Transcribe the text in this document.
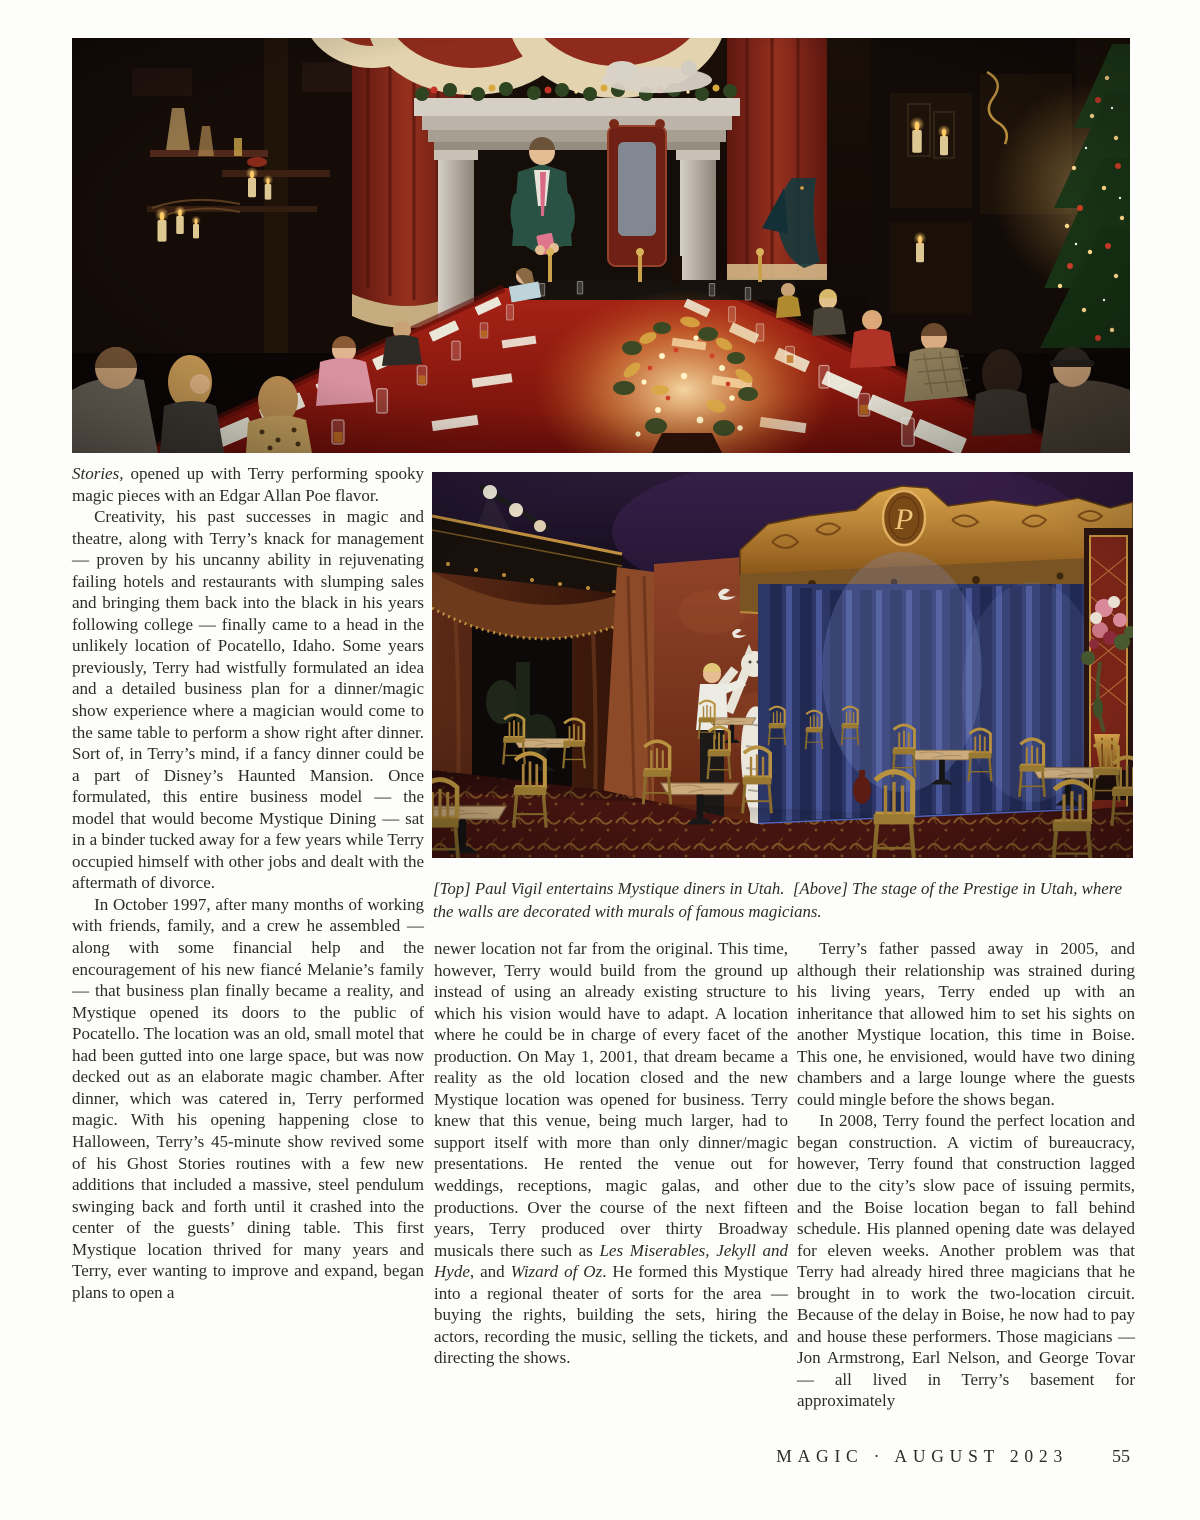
[Top] Paul Vigil entertains Mystique diners in Utah.  [Above] The stage of the Prestige in Utah, where the walls are decorated with murals of famous magicians.

Stories, opened up with Terry performing spooky magic pieces with an Edgar Allan Poe flavor.

Creativity, his past successes in magic and theatre, along with Terry’s knack for management — proven by his uncanny ability in rejuvenating failing hotels and restaurants with slumping sales and bringing them back into the black in his years following college — finally came to a head in the unlikely location of Pocatello, Idaho. Some years previously, Terry had wistfully formulated an idea and a detailed business plan for a dinner/magic show experience where a magician would come to the same table to perform a show right after dinner. Sort of, in Terry’s mind, if a fancy dinner could be a part of Disney’s Haunted Mansion. Once formulated, this entire business model — the model that would become Mystique Dining — sat in a binder tucked away for a few years while Terry occupied himself with other jobs and dealt with the aftermath of divorce.

In October 1997, after many months of working with friends, family, and a crew he assembled — along with some financial help and the encouragement of his new fiancé Melanie’s family — that business plan finally became a reality, and Mystique opened its doors to the public of Pocatello. The location was an old, small motel that had been gutted into one large space, but was now decked out as an elaborate magic chamber. After dinner, which was catered in, Terry performed magic. With his opening happening close to Halloween, Terry’s 45-minute show revived some of his Ghost Stories routines with a few new additions that included a massive, steel pendulum swinging back and forth until it crashed into the center of the guests’ dining table. This first Mystique location thrived for many years and Terry, ever wanting to improve and expand, began plans to open a

newer location not far from the original. This time, however, Terry would build from the ground up instead of using an already existing structure to which his vision would have to adapt. A location where he could be in charge of every facet of the production. On May 1, 2001, that dream became a reality as the old location closed and the new Mystique location was opened for business. Terry knew that this venue, being much larger, had to support itself with more than only dinner/magic presentations. He rented the venue out for weddings, receptions, magic galas, and other productions. Over the course of the next fifteen years, Terry produced over thirty Broadway musicals there such as Les Miserables, Jekyll and Hyde, and Wizard of Oz. He formed this Mystique into a regional theater of sorts for the area — buying the rights, building the sets, hiring the actors, recording the music, selling the tickets, and directing the shows.

Terry’s father passed away in 2005, and although their relationship was strained during his living years, Terry ended up with an inheritance that allowed him to set his sights on another Mystique location, this time in Boise. This one, he envisioned, would have two dining chambers and a large lounge where the guests could mingle before the shows began.

In 2008, Terry found the perfect location and began construction. A victim of bureaucracy, however, Terry found that construction lagged due to the city’s slow pace of issuing permits, and the Boise location began to fall behind schedule. His planned opening date was delayed for eleven weeks. Another problem was that Terry had already hired three magicians that he brought in to work the two-location circuit. Because of the delay in Boise, he now had to pay and house these performers. Those magicians — Jon Armstrong, Earl Nelson, and George Tovar — all lived in Terry’s basement for approximately

MAGIC · AUGUST 2023 55
